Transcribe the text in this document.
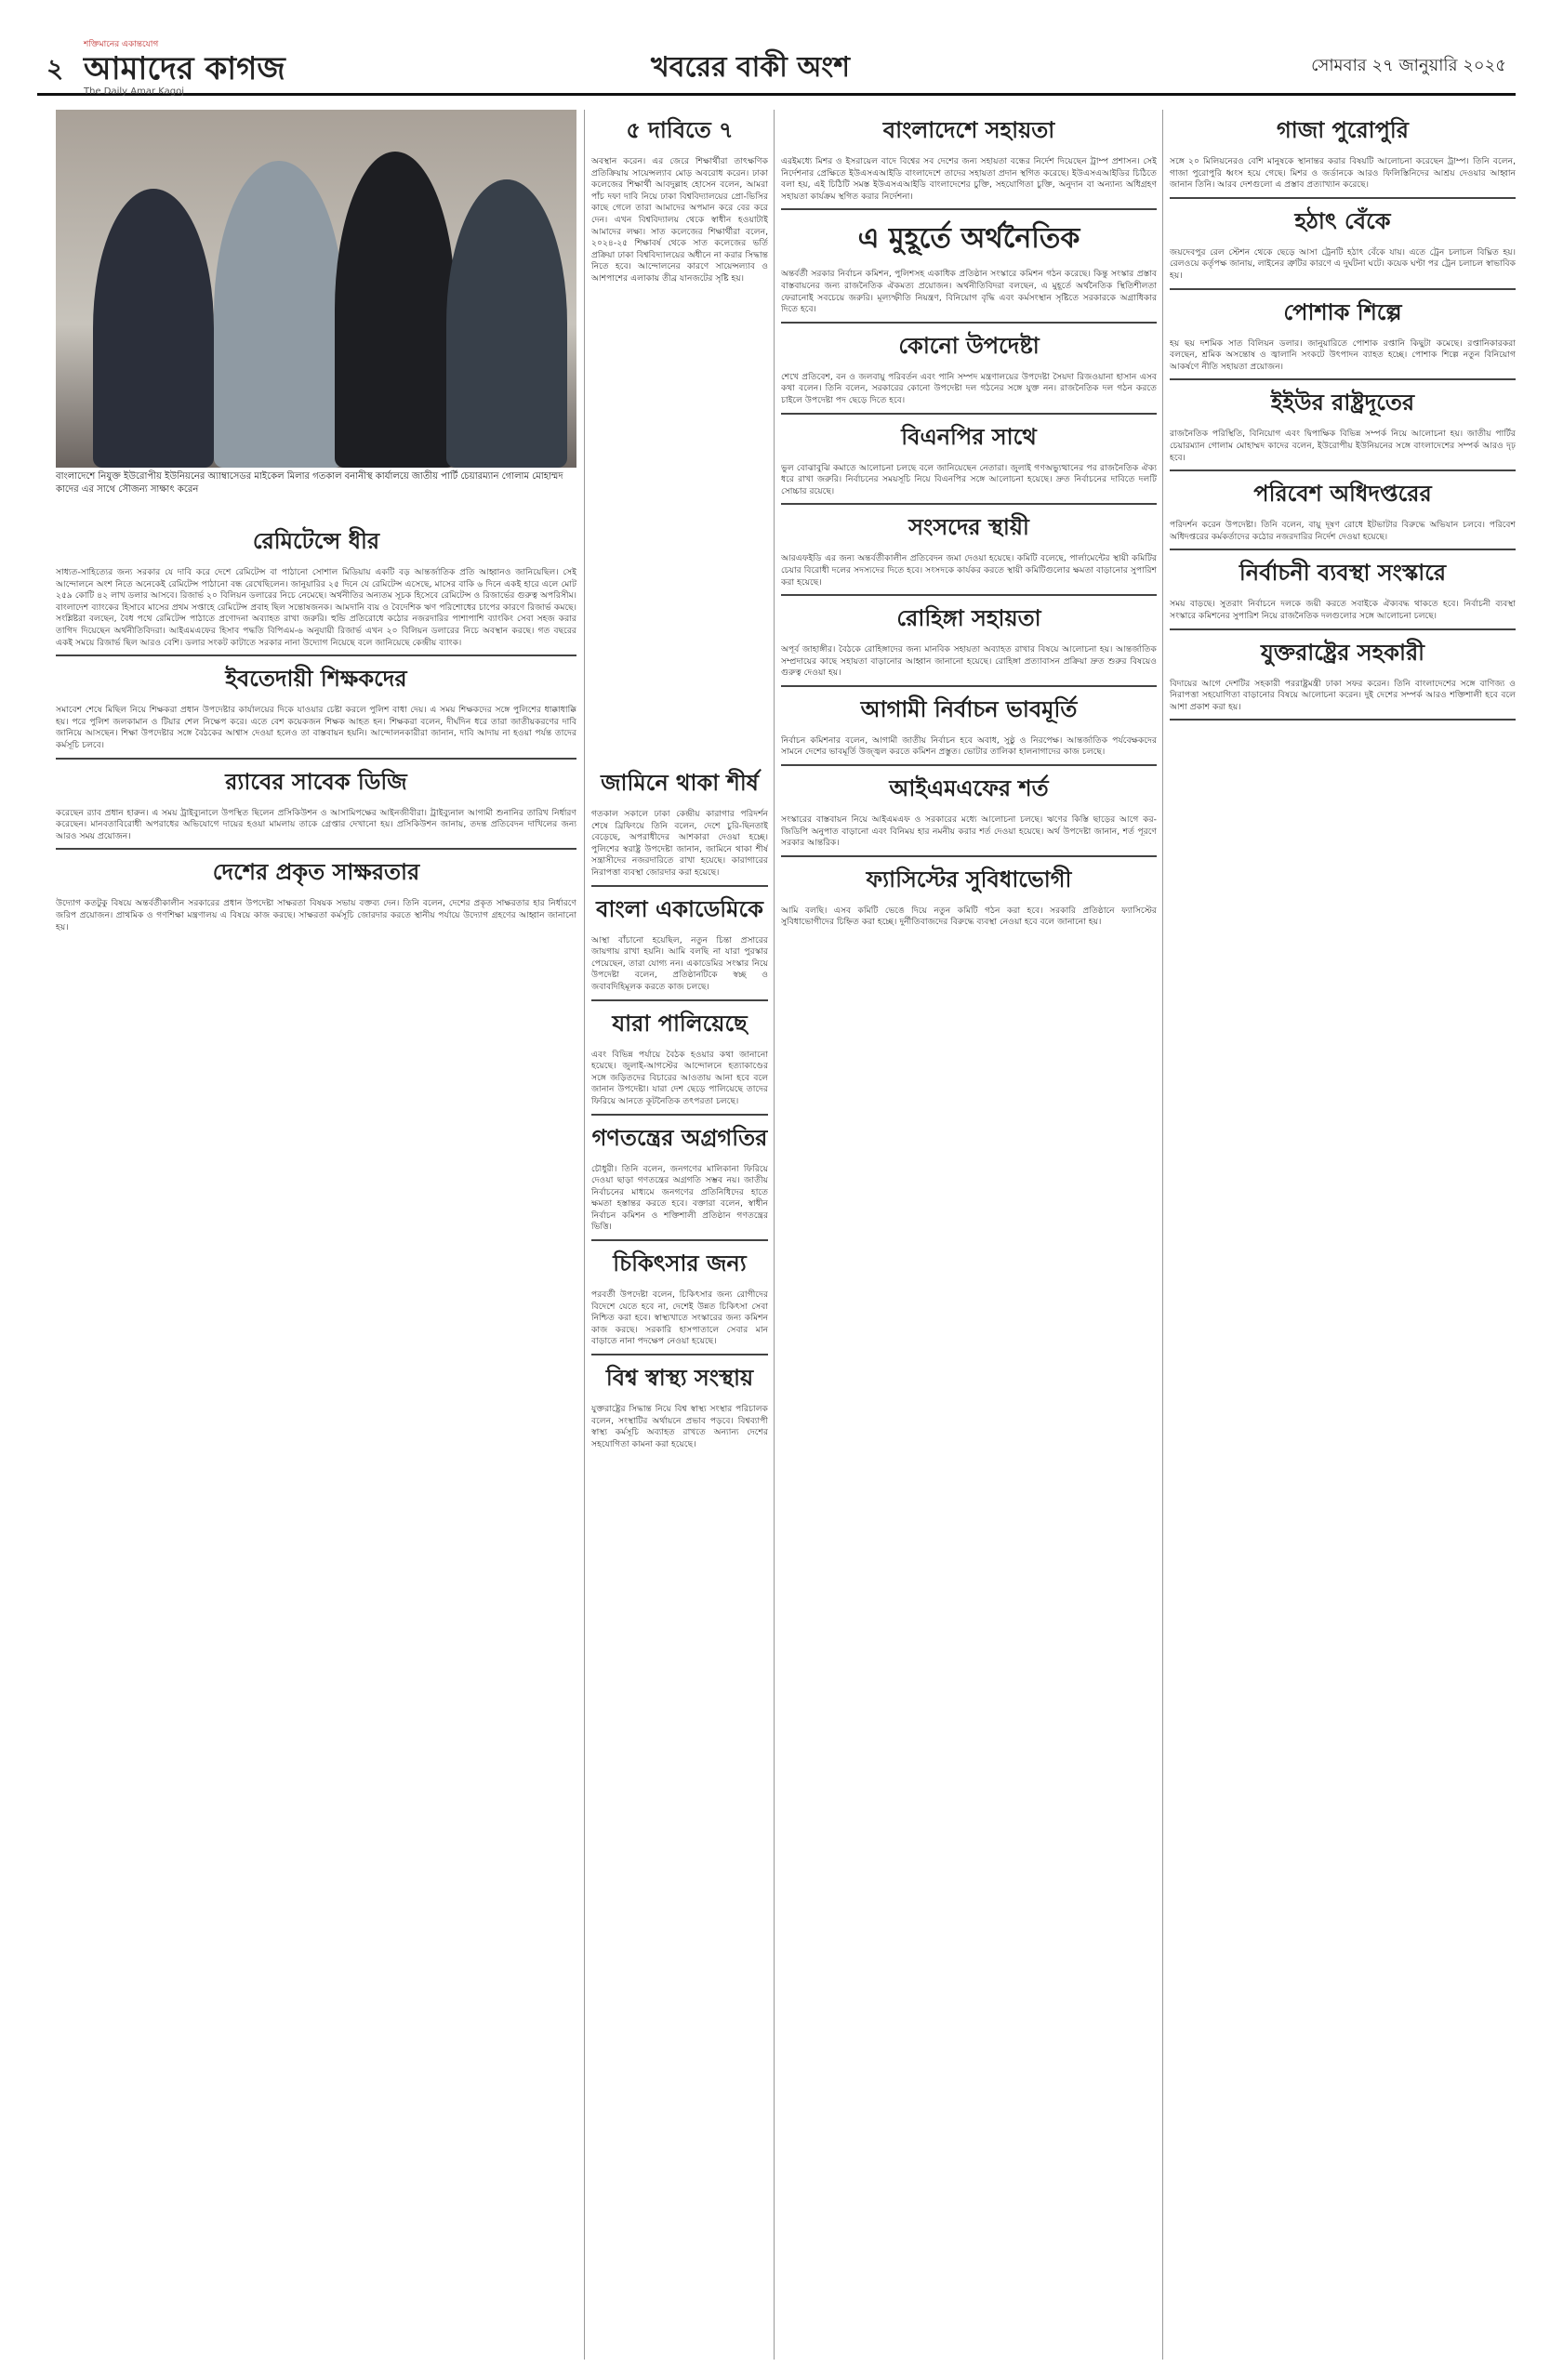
২
শক্তিমানের একান্তযোগ
আমাদের কাগজ
The Daily Amar Kagoj
খবরের বাকী অংশ	সোমবার ২৭ জানুয়ারি ২০২৫
বাংলাদেশে নিযুক্ত ইউরোপীয় ইউনিয়নের অ্যাম্বাসেডর মাইকেল মিলার গতকাল বনানীস্থ কার্যালয়ে জাতীয় পার্টি চেয়ারম্যান গোলাম মোহাম্মদ কাদের এর সাথে সৌজন্য সাক্ষাৎ করেন
রেমিটেন্সে ধীর
সাধ্যত-সাহিত্যের জন্য সরকার যে দাবি করে দেশে রেমিটেন্স বা পাঠানো সোশাল মিডিয়ায় একটি বড় আন্তর্জাতিক প্রতি আহ্বানও জানিয়েছিল। সেই আন্দোলনে অংশ নিতে অনেকেই রেমিটেন্স পাঠানো বন্ধ রেখেছিলেন। জানুয়ারির ২৫ দিনে যে রেমিটেন্স এসেছে, মাসের বাকি ৬ দিনে একই হারে এলে মোট ২৫৯ কোটি ৪২ লাখ ডলার আসবে। রিজার্ভ ২০ বিলিয়ন ডলারের নিচে নেমেছে। অর্থনীতির অন্যতম সূচক হিসেবে রেমিটেন্স ও রিজার্ভের গুরুত্ব অপরিসীম। বাংলাদেশ ব্যাংকের হিসাবে মাসের প্রথম সপ্তাহে রেমিটেন্স প্রবাহ ছিল সন্তোষজনক। আমদানি ব্যয় ও বৈদেশিক ঋণ পরিশোধের চাপের কারণে রিজার্ভ কমছে। সংশ্লিষ্টরা বলছেন, বৈধ পথে রেমিটেন্স পাঠাতে প্রণোদনা অব্যাহত রাখা জরুরি। হুন্ডি প্রতিরোধে কঠোর নজরদারির পাশাপাশি ব্যাংকিং সেবা সহজ করার তাগিদ দিয়েছেন অর্থনীতিবিদরা। আইএমএফের হিসাব পদ্ধতি বিপিএম-৬ অনুযায়ী রিজার্ভ এখন ২০ বিলিয়ন ডলারের নিচে অবস্থান করছে। গত বছরের একই সময়ে রিজার্ভ ছিল আরও বেশি। ডলার সংকট কাটাতে সরকার নানা উদ্যোগ নিয়েছে বলে জানিয়েছে কেন্দ্রীয় ব্যাংক।
ইবতেদায়ী শিক্ষকদের
সমাবেশ শেষে মিছিল নিয়ে শিক্ষকরা প্রধান উপদেষ্টার কার্যালয়ের দিকে যাওয়ার চেষ্টা করলে পুলিশ বাধা দেয়। এ সময় শিক্ষকদের সঙ্গে পুলিশের ধাক্কাধাক্কি হয়। পরে পুলিশ জলকামান ও টিয়ার শেল নিক্ষেপ করে। এতে বেশ কয়েকজন শিক্ষক আহত হন। শিক্ষকরা বলেন, দীর্ঘদিন ধরে তারা জাতীয়করণের দাবি জানিয়ে আসছেন। শিক্ষা উপদেষ্টার সঙ্গে বৈঠকের আশ্বাস দেওয়া হলেও তা বাস্তবায়ন হয়নি। আন্দোলনকারীরা জানান, দাবি আদায় না হওয়া পর্যন্ত তাদের কর্মসূচি চলবে।
র‍্যাবের সাবেক ডিজি
করেছেন র‍্যাব প্রধান হারুন। এ সময় ট্রাইব্যুনালে উপস্থিত ছিলেন প্রসিকিউশন ও আসামিপক্ষের আইনজীবীরা। ট্রাইব্যুনাল আগামী শুনানির তারিখ নির্ধারণ করেছেন। মানবতাবিরোধী অপরাধের অভিযোগে দায়ের হওয়া মামলায় তাকে গ্রেপ্তার দেখানো হয়। প্রসিকিউশন জানায়, তদন্ত প্রতিবেদন দাখিলের জন্য আরও সময় প্রয়োজন।
দেশের প্রকৃত সাক্ষরতার
উদ্যোগ কতটুকু বিষয়ে অন্তর্বর্তীকালীন সরকারের প্রধান উপদেষ্টা সাক্ষরতা বিষয়ক সভায় বক্তব্য দেন। তিনি বলেন, দেশের প্রকৃত সাক্ষরতার হার নির্ধারণে জরিপ প্রয়োজন। প্রাথমিক ও গণশিক্ষা মন্ত্রণালয় এ বিষয়ে কাজ করছে। সাক্ষরতা কর্মসূচি জোরদার করতে স্থানীয় পর্যায়ে উদ্যোগ গ্রহণের আহ্বান জানানো হয়।
৫ দাবিতে ৭
অবস্থান করেন। এর জেরে শিক্ষার্থীরা তাৎক্ষণিক প্রতিক্রিয়ায় সায়েন্সল্যাব মোড় অবরোধ করেন। ঢাকা কলেজের শিক্ষার্থী আবদুল্লাহ হোসেন বলেন, আমরা পাঁচ দফা দাবি নিয়ে ঢাকা বিশ্ববিদ্যালয়ের প্রো-ভিসির কাছে গেলে তারা আমাদের অপমান করে বের করে দেন। এখন বিশ্ববিদ্যালয় থেকে স্বাধীন হওয়াটাই আমাদের লক্ষ্য। সাত কলেজের শিক্ষার্থীরা বলেন, ২০২৪-২৫ শিক্ষাবর্ষ থেকে সাত কলেজের ভর্তি প্রক্রিয়া ঢাকা বিশ্ববিদ্যালয়ের অধীনে না করার সিদ্ধান্ত নিতে হবে। আন্দোলনের কারণে সায়েন্সল্যাব ও আশপাশের এলাকায় তীব্র যানজটের সৃষ্টি হয়।
জামিনে থাকা শীর্ষ
গতকাল সকালে ঢাকা কেন্দ্রীয় কারাগার পরিদর্শন শেষে ব্রিফিংয়ে তিনি বলেন, দেশে চুরি-ছিনতাই বেড়েছে, অপরাধীদের আশকারা দেওয়া হচ্ছে। পুলিশের স্বরাষ্ট্র উপদেষ্টা জানান, জামিনে থাকা শীর্ষ সন্ত্রাসীদের নজরদারিতে রাখা হয়েছে। কারাগারের নিরাপত্তা ব্যবস্থা জোরদার করা হয়েছে।
বাংলা একাডেমিকে
আস্থা বাঁচানো হয়েছিল, নতুন চিন্তা প্রসারের জায়গায় রাখা হয়নি। আমি বলছি না যারা পুরস্কার পেয়েছেন, তারা যোগ্য নন। একাডেমির সংস্কার নিয়ে উপদেষ্টা বলেন, প্রতিষ্ঠানটিকে স্বচ্ছ ও জবাবদিহিমূলক করতে কাজ চলছে।
যারা পালিয়েছে
এবং বিভিন্ন পর্যায়ে বৈঠক হওয়ার কথা জানানো হয়েছে। জুলাই-আগস্টের আন্দোলনে হত্যাকাণ্ডের সঙ্গে জড়িতদের বিচারের আওতায় আনা হবে বলে জানান উপদেষ্টা। যারা দেশ ছেড়ে পালিয়েছে তাদের ফিরিয়ে আনতে কূটনৈতিক তৎপরতা চলছে।
গণতন্ত্রের অগ্রগতির
চৌধুরী। তিনি বলেন, জনগণের মালিকানা ফিরিয়ে দেওয়া ছাড়া গণতন্ত্রের অগ্রগতি সম্ভব নয়। জাতীয় নির্বাচনের মাধ্যমে জনগণের প্রতিনিধিদের হাতে ক্ষমতা হস্তান্তর করতে হবে। বক্তারা বলেন, স্বাধীন নির্বাচন কমিশন ও শক্তিশালী প্রতিষ্ঠান গণতন্ত্রের ভিত্তি।
চিকিৎসার জন্য
পরবর্তী উপদেষ্টা বলেন, চিকিৎসার জন্য রোগীদের বিদেশে যেতে হবে না, দেশেই উন্নত চিকিৎসা সেবা নিশ্চিত করা হবে। স্বাস্থ্যখাতে সংস্কারের জন্য কমিশন কাজ করছে। সরকারি হাসপাতালে সেবার মান বাড়াতে নানা পদক্ষেপ নেওয়া হয়েছে।
বিশ্ব স্বাস্থ্য সংস্থায়
যুক্তরাষ্ট্রের সিদ্ধান্ত নিয়ে বিশ্ব স্বাস্থ্য সংস্থার পরিচালক বলেন, সংস্থাটির অর্থায়নে প্রভাব পড়বে। বিশ্বব্যাপী স্বাস্থ্য কর্মসূচি অব্যাহত রাখতে অন্যান্য দেশের সহযোগিতা কামনা করা হয়েছে।
বাংলাদেশে সহায়তা
এরইমধ্যে মিশর ও ইসরায়েল বাদে বিশ্বের সব দেশের জন্য সহায়তা বন্ধের নির্দেশ দিয়েছেন ট্রাম্প প্রশাসন। সেই নির্দেশনার প্রেক্ষিতে ইউএসএআইডি বাংলাদেশে তাদের সহায়তা প্রদান স্থগিত করেছে। ইউএসএআইডির চিঠিতে বলা হয়, এই চিঠিটি সমস্ত ইউএসএআইডি বাংলাদেশের চুক্তি, সহযোগিতা চুক্তি, অনুদান বা অন্যান্য অধিগ্রহণ সহায়তা কার্যক্রম স্থগিত করার নির্দেশনা।
এ মুহূর্তে অর্থনৈতিক
অন্তর্বর্তী সরকার নির্বাচন কমিশন, পুলিশসহ একাধিক প্রতিষ্ঠান সংস্কারে কমিশন গঠন করেছে। কিন্তু সংস্কার প্রস্তাব বাস্তবায়নের জন্য রাজনৈতিক ঐকমত্য প্রয়োজন। অর্থনীতিবিদরা বলছেন, এ মুহূর্তে অর্থনৈতিক স্থিতিশীলতা ফেরানোই সবচেয়ে জরুরি। মূল্যস্ফীতি নিয়ন্ত্রণ, বিনিয়োগ বৃদ্ধি এবং কর্মসংস্থান সৃষ্টিতে সরকারকে অগ্রাধিকার দিতে হবে।
কোনো উপদেষ্টা
শেখে প্রতিবেশ, বন ও জলবায়ু পরিবর্তন এবং পানি সম্পদ মন্ত্রণালয়ের উপদেষ্টা সৈয়দা রিজওয়ানা হাসান এসব কথা বলেন। তিনি বলেন, সরকারের কোনো উপদেষ্টা দল গঠনের সঙ্গে যুক্ত নন। রাজনৈতিক দল গঠন করতে চাইলে উপদেষ্টা পদ ছেড়ে দিতে হবে।
বিএনপির সাথে
ভুল বোঝাবুঝি কমাতে আলোচনা চলছে বলে জানিয়েছেন নেতারা। জুলাই গণঅভ্যুত্থানের পর রাজনৈতিক ঐক্য ধরে রাখা জরুরি। নির্বাচনের সময়সূচি নিয়ে বিএনপির সঙ্গে আলোচনা হয়েছে। দ্রুত নির্বাচনের দাবিতে দলটি সোচ্চার রয়েছে।
সংসদের স্থায়ী
আরএফইডি এর জন্য অন্তর্বর্তীকালীন প্রতিবেদন জমা দেওয়া হয়েছে। কমিটি বলেছে, পার্লামেন্টের স্থায়ী কমিটির চেয়ার বিরোধী দলের সদস্যদের দিতে হবে। সংসদকে কার্যকর করতে স্থায়ী কমিটিগুলোর ক্ষমতা বাড়ানোর সুপারিশ করা হয়েছে।
রোহিঙ্গা সহায়তা
অপূর্ব জাহাঙ্গীর। বৈঠকে রোহিঙ্গাদের জন্য মানবিক সহায়তা অব্যাহত রাখার বিষয়ে আলোচনা হয়। আন্তর্জাতিক সম্প্রদায়ের কাছে সহায়তা বাড়ানোর আহ্বান জানানো হয়েছে। রোহিঙ্গা প্রত্যাবাসন প্রক্রিয়া দ্রুত শুরুর বিষয়েও গুরুত্ব দেওয়া হয়।
আগামী নির্বাচন ভাবমূর্তি
নির্বাচন কমিশনার বলেন, আগামী জাতীয় নির্বাচন হবে অবাধ, সুষ্ঠু ও নিরপেক্ষ। আন্তর্জাতিক পর্যবেক্ষকদের সামনে দেশের ভাবমূর্তি উজ্জ্বল করতে কমিশন প্রস্তুত। ভোটার তালিকা হালনাগাদের কাজ চলছে।
আইএমএফের শর্ত
সংস্কারের বাস্তবায়ন নিয়ে আইএমএফ ও সরকারের মধ্যে আলোচনা চলছে। ঋণের কিস্তি ছাড়ের আগে কর-জিডিপি অনুপাত বাড়ানো এবং বিনিময় হার নমনীয় করার শর্ত দেওয়া হয়েছে। অর্থ উপদেষ্টা জানান, শর্ত পূরণে সরকার আন্তরিক।
ফ্যাসিস্টের সুবিধাভোগী
আমি বলছি। এসব কমিটি ভেঙে দিয়ে নতুন কমিটি গঠন করা হবে। সরকারি প্রতিষ্ঠানে ফ্যাসিস্টের সুবিধাভোগীদের চিহ্নিত করা হচ্ছে। দুর্নীতিবাজদের বিরুদ্ধে ব্যবস্থা নেওয়া হবে বলে জানানো হয়।
গাজা পুরোপুরি
সঙ্গে ২০ মিলিয়নেরও বেশি মানুষকে স্থানান্তর করার বিষয়টি আলোচনা করেছেন ট্রাম্প। তিনি বলেন, গাজা পুরোপুরি ধ্বংস হয়ে গেছে। মিশর ও জর্ডানকে আরও ফিলিস্তিনিদের আশ্রয় দেওয়ার আহ্বান জানান তিনি। আরব দেশগুলো এ প্রস্তাব প্রত্যাখ্যান করেছে।
হঠাৎ বেঁকে
জয়দেবপুর রেল স্টেশন থেকে ছেড়ে আসা ট্রেনটি হঠাৎ বেঁকে যায়। এতে ট্রেন চলাচল বিঘ্নিত হয়। রেলওয়ে কর্তৃপক্ষ জানায়, লাইনের ত্রুটির কারণে এ দুর্ঘটনা ঘটে। কয়েক ঘণ্টা পর ট্রেন চলাচল স্বাভাবিক হয়।
পোশাক শিল্পে
হয় ছয় দশমিক সাত বিলিয়ন ডলার। জানুয়ারিতে পোশাক রপ্তানি কিছুটা কমেছে। রপ্তানিকারকরা বলছেন, শ্রমিক অসন্তোষ ও জ্বালানি সংকটে উৎপাদন ব্যাহত হচ্ছে। পোশাক শিল্পে নতুন বিনিয়োগ আকর্ষণে নীতি সহায়তা প্রয়োজন।
ইইউর রাষ্ট্রদূতের
রাজনৈতিক পরিস্থিতি, বিনিয়োগ এবং দ্বিপাক্ষিক বিভিন্ন সম্পর্ক নিয়ে আলোচনা হয়। জাতীয় পার্টির চেয়ারম্যান গোলাম মোহাম্মদ কাদের বলেন, ইউরোপীয় ইউনিয়নের সঙ্গে বাংলাদেশের সম্পর্ক আরও দৃঢ় হবে।
পরিবেশ অধিদপ্তরের
পরিদর্শন করেন উপদেষ্টা। তিনি বলেন, বায়ু দূষণ রোধে ইটভাটার বিরুদ্ধে অভিযান চলবে। পরিবেশ অধিদপ্তরের কর্মকর্তাদের কঠোর নজরদারির নির্দেশ দেওয়া হয়েছে।
নির্বাচনী ব্যবস্থা সংস্কারে
সময় বাড়ছে। সুতরাং নির্বাচনে দলকে জয়ী করতে সবাইকে ঐক্যবদ্ধ থাকতে হবে। নির্বাচনী ব্যবস্থা সংস্কারে কমিশনের সুপারিশ নিয়ে রাজনৈতিক দলগুলোর সঙ্গে আলোচনা চলছে।
যুক্তরাষ্ট্রের সহকারী
বিদায়ের আগে দেশটির সহকারী পররাষ্ট্রমন্ত্রী ঢাকা সফর করেন। তিনি বাংলাদেশের সঙ্গে বাণিজ্য ও নিরাপত্তা সহযোগিতা বাড়ানোর বিষয়ে আলোচনা করেন। দুই দেশের সম্পর্ক আরও শক্তিশালী হবে বলে আশা প্রকাশ করা হয়।
